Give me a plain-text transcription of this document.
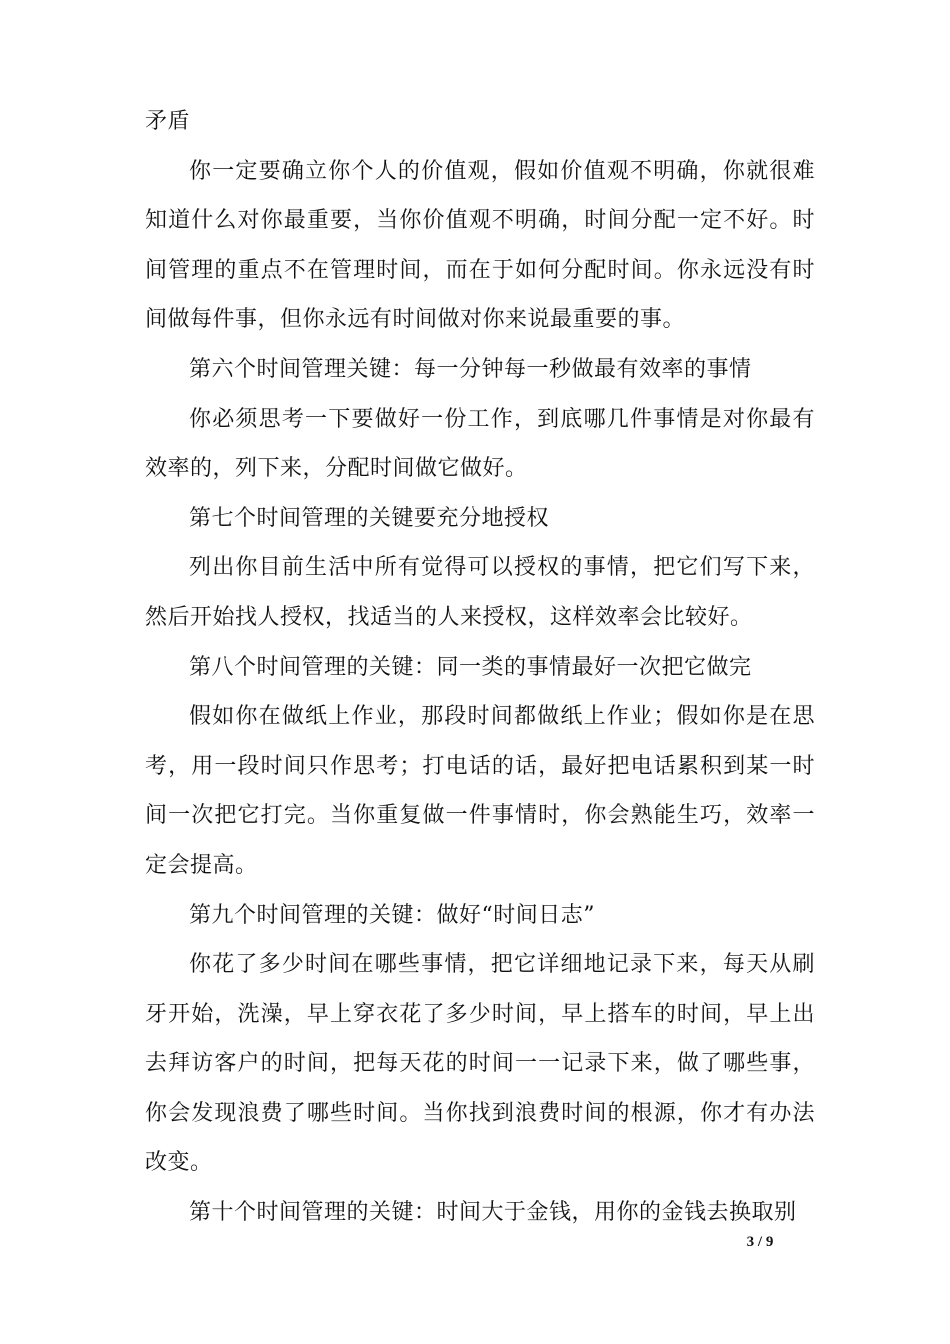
矛盾

你一定要确立你个人的价值观，假如价值观不明确，你就很难知道什么对你最重要，当你价值观不明确，时间分配一定不好。时间管理的重点不在管理时间，而在于如何分配时间。你永远没有时间做每件事，但你永远有时间做对你来说最重要的事。

第六个时间管理关键：每一分钟每一秒做最有效率的事情

你必须思考一下要做好一份工作，到底哪几件事情是对你最有效率的，列下来，分配时间做它做好。

第七个时间管理的关键要充分地授权

列出你目前生活中所有觉得可以授权的事情，把它们写下来，然后开始找人授权，找适当的人来授权，这样效率会比较好。

第八个时间管理的关键：同一类的事情最好一次把它做完

假如你在做纸上作业，那段时间都做纸上作业；假如你是在思考，用一段时间只作思考；打电话的话，最好把电话累积到某一时间一次把它打完。当你重复做一件事情时，你会熟能生巧，效率一定会提高。

第九个时间管理的关键：做好“时间日志”

你花了多少时间在哪些事情，把它详细地记录下来，每天从刷牙开始，洗澡，早上穿衣花了多少时间，早上搭车的时间，早上出去拜访客户的时间，把每天花的时间一一记录下来，做了哪些事，你会发现浪费了哪些时间。当你找到浪费时间的根源，你才有办法改变。

第十个时间管理的关键：时间大于金钱，用你的金钱去换取别

3 / 9
